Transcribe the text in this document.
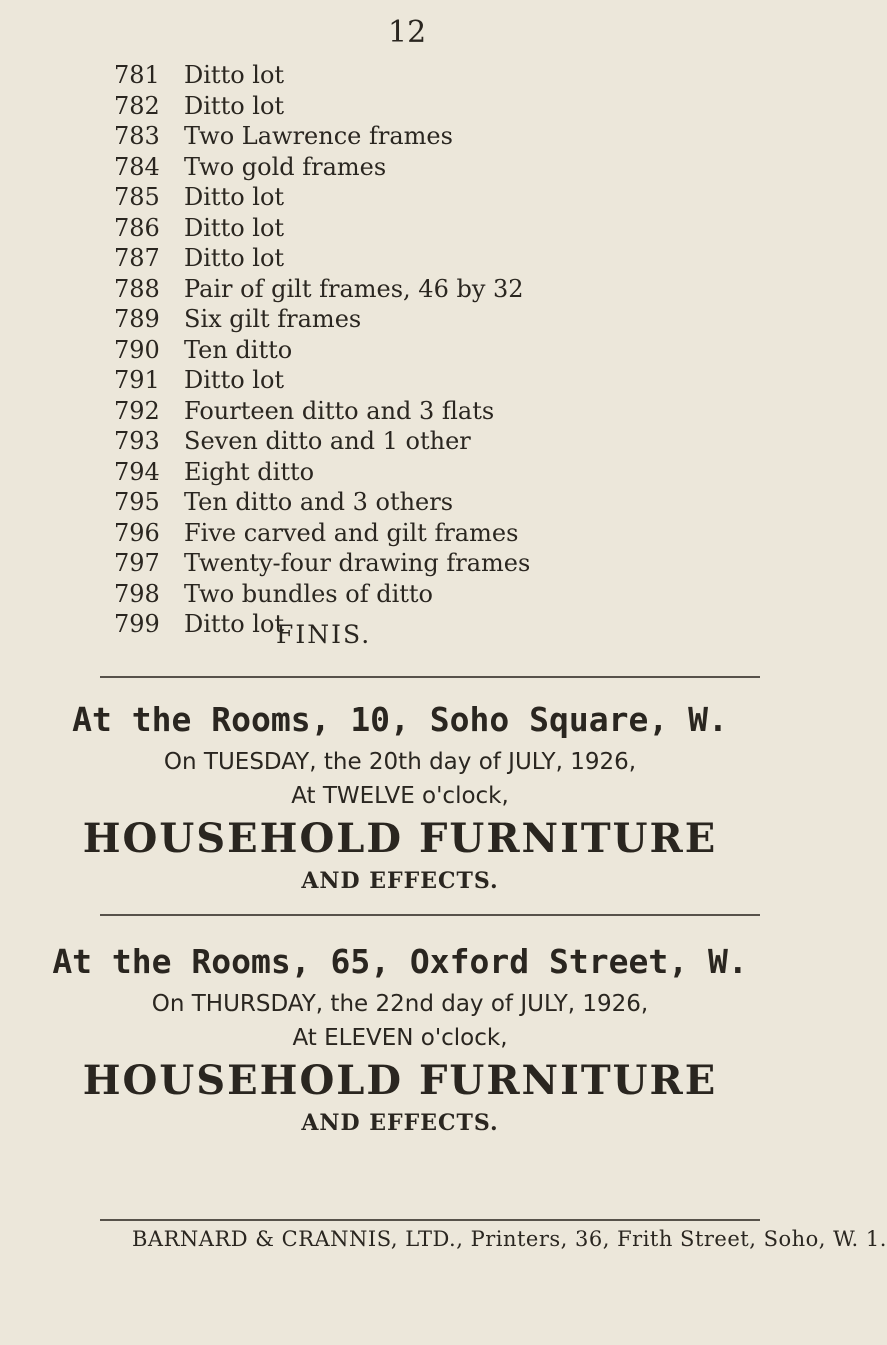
12
781	Ditto lot
782	Ditto lot
783	Two Lawrence frames
784	Two gold frames
785	Ditto lot
786	Ditto lot
787	Ditto lot
788	Pair of gilt frames, 46 by 32
789	Six gilt frames
790	Ten ditto
791	Ditto lot
792	Fourteen ditto and 3 flats
793	Seven ditto and 1 other
794	Eight ditto
795	Ten ditto and 3 others
796	Five carved and gilt frames
797	Twenty-four drawing frames
798	Two bundles of ditto
799	Ditto lot
FINIS.
At the Rooms, 10, Soho Square, W.
On TUESDAY, the 20th day of JULY, 1926,
At TWELVE o'clock,
HOUSEHOLD FURNITURE
AND EFFECTS.
At the Rooms, 65, Oxford Street, W.
On THURSDAY, the 22nd day of JULY, 1926,
At ELEVEN o'clock,
HOUSEHOLD FURNITURE
AND EFFECTS.
BARNARD & CRANNIS, LTD., Printers, 36, Frith Street, Soho, W. 1.
